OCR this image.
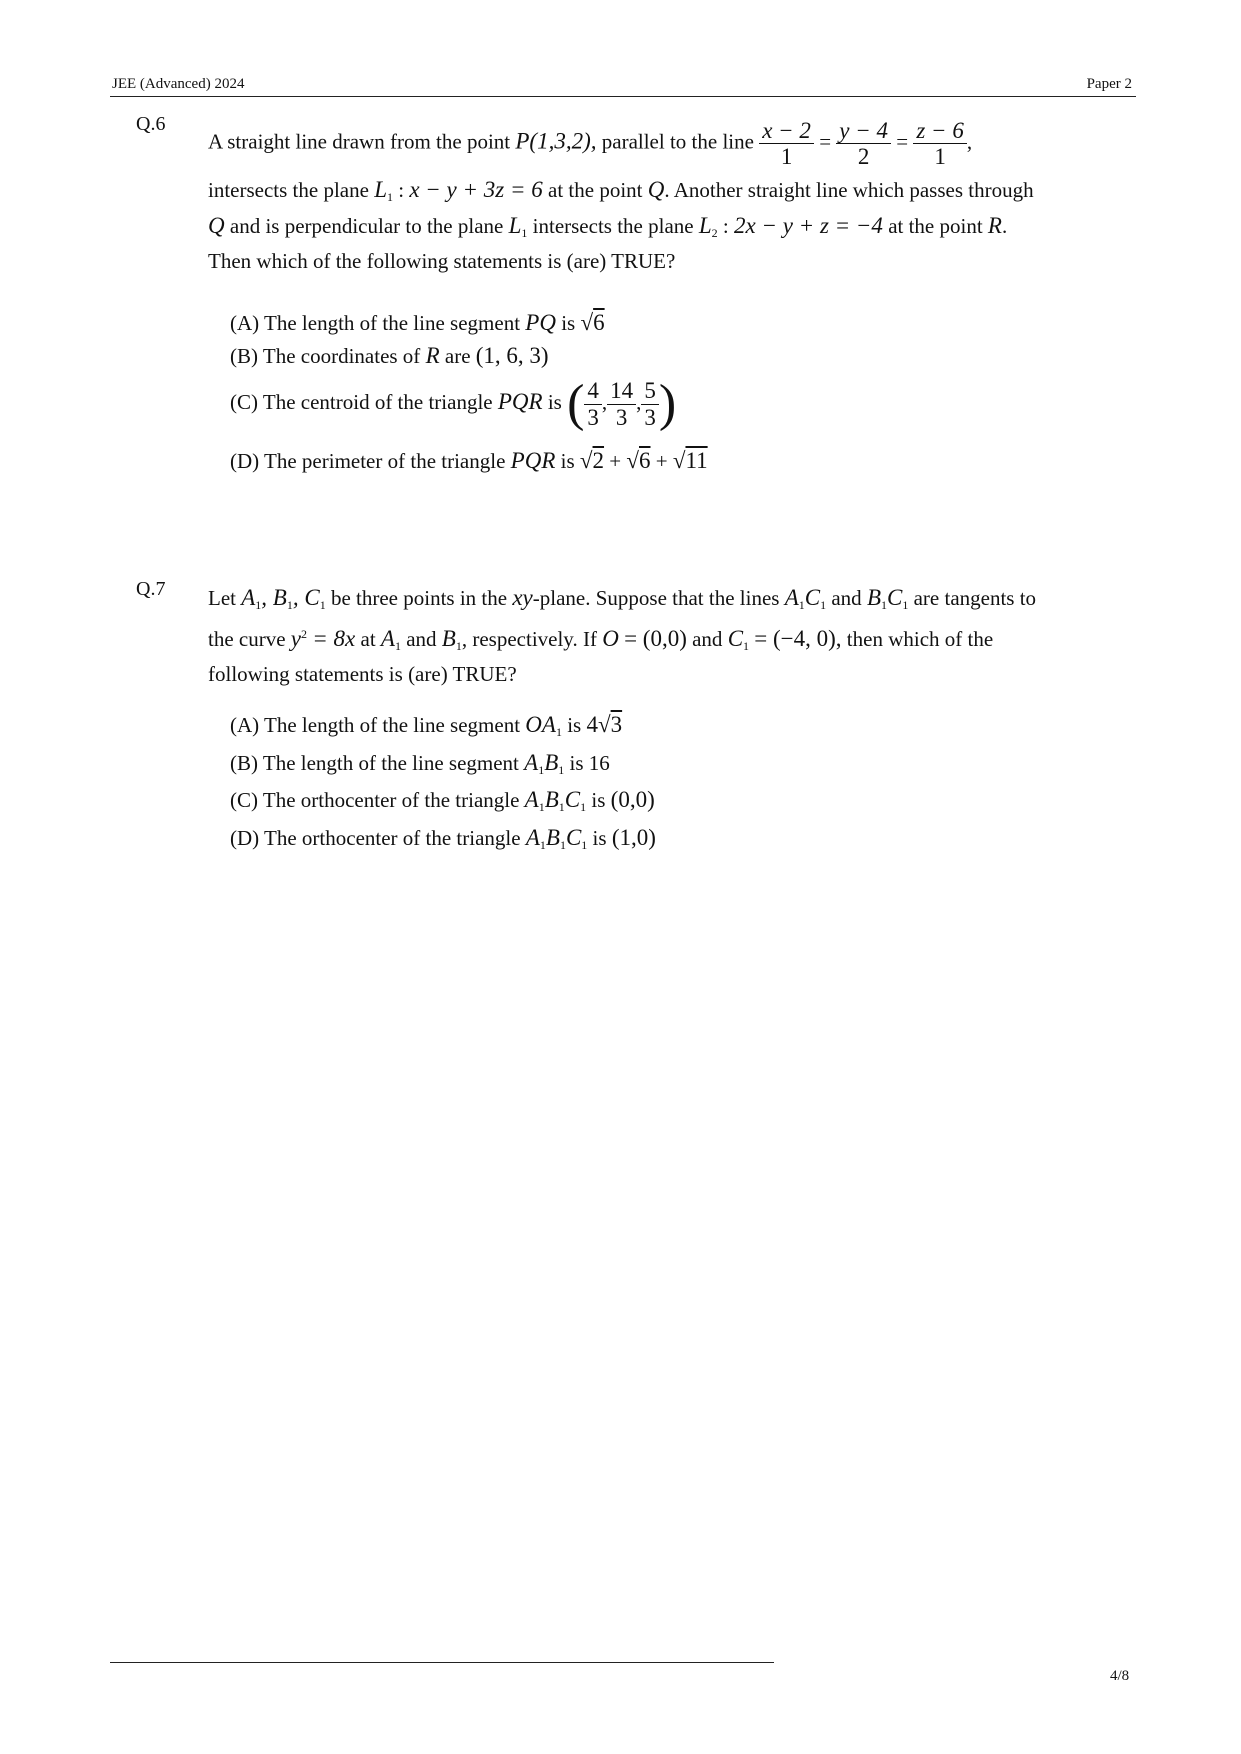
JEE (Advanced) 2024	Paper 2
Q.6

A straight line drawn from the point P(1,3,2), parallel to the line $\frac{x - 2}{1} = \frac{y - 4}{2} = \frac{z - 6}{1}$ ,

intersects the plane $L_1$ : x − y + 3z = 6 at the point Q. Another straight line which passes through

Q and is perpendicular to the plane $L_1$ intersects the plane $L_2$ : 2x − y + z = −4 at the point R.

Then which of the following statements is (are) TRUE?

(A) The length of the line segment PQ is √6
(B) The coordinates of R are (1, 6, 3)
(C) The centroid of the triangle PQR is ( $\frac{4}{3}$ , $\frac{14}{3}$ , $\frac{5}{3}$ )
(D) The perimeter of the triangle PQR is √2 + √6 + √11
Q.7 Let $A_1$, $B_1$, $C_1$ be three points in the xy-plane. Suppose that the lines $A_1C_1$ and $B_1C_1$ are tangents to

the curve $y^2 = 8x$ at $A_1$ and $B_1$, respectively. If O = (0,0) and $C_1 = (-4$, 0), then which of the

following statements is (are) TRUE?

(A) The length of the line segment $OA_1$ is 4√3
(B) The length of the line segment $A_1B_1$ is 16
(C) The orthocenter of the triangle $A_1B_1C_1$ is (0,0)
(D) The orthocenter of the triangle $A_1B_1C_1$ is (1,0)
4/8
